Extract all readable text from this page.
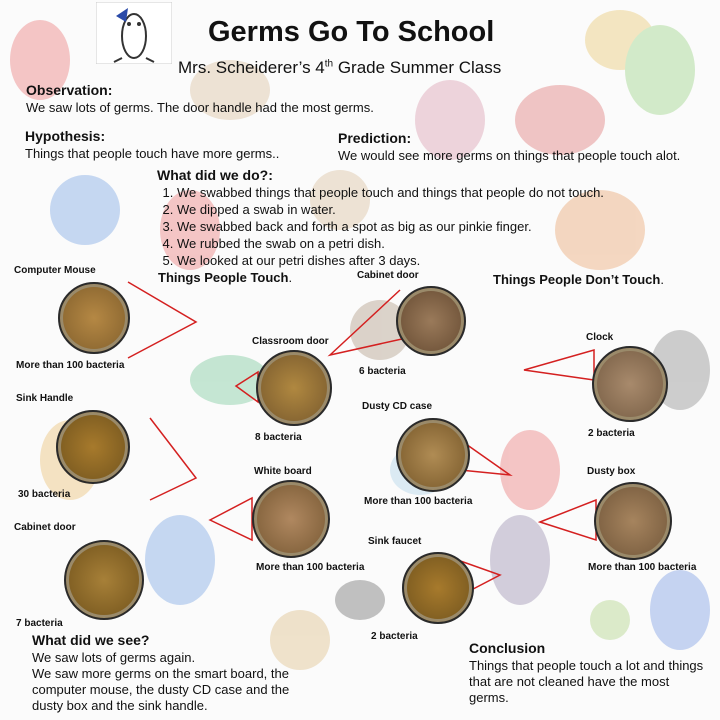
Germs Go To School
Mrs. Scheiderer’s 4th Grade Summer Class
Observation:
We saw lots of germs. The door handle had the most germs.
Hypothesis:
Things that people touch have more germs..
Prediction:
We would see more germs on things that people touch alot.
What did we do?:
1. We swabbed things that people touch and things that people do not touch.
2. We dipped a swab in water.
3. We swabbed back and forth a spot as big as our pinkie finger.
4. We rubbed the swab on a petri dish.
5. We looked at our petri dishes after 3 days.
Things People Touch.	Things People Don’t Touch.
Computer Mouse
More than 100 bacteria
Sink Handle
30 bacteria
Cabinet door
7 bacteria
Classroom door
8 bacteria
White board
More than 100 bacteria
Cabinet door
6 bacteria
Dusty CD case
More than 100 bacteria
Sink faucet
2 bacteria
Clock
2 bacteria
Dusty box
More than 100 bacteria
What did we see?
We saw lots of germs again.
We saw more germs on the smart board, the computer mouse, the dusty CD case and the dusty box and the sink handle.
Conclusion
Things that people touch a lot and things that are not cleaned have the most germs.
